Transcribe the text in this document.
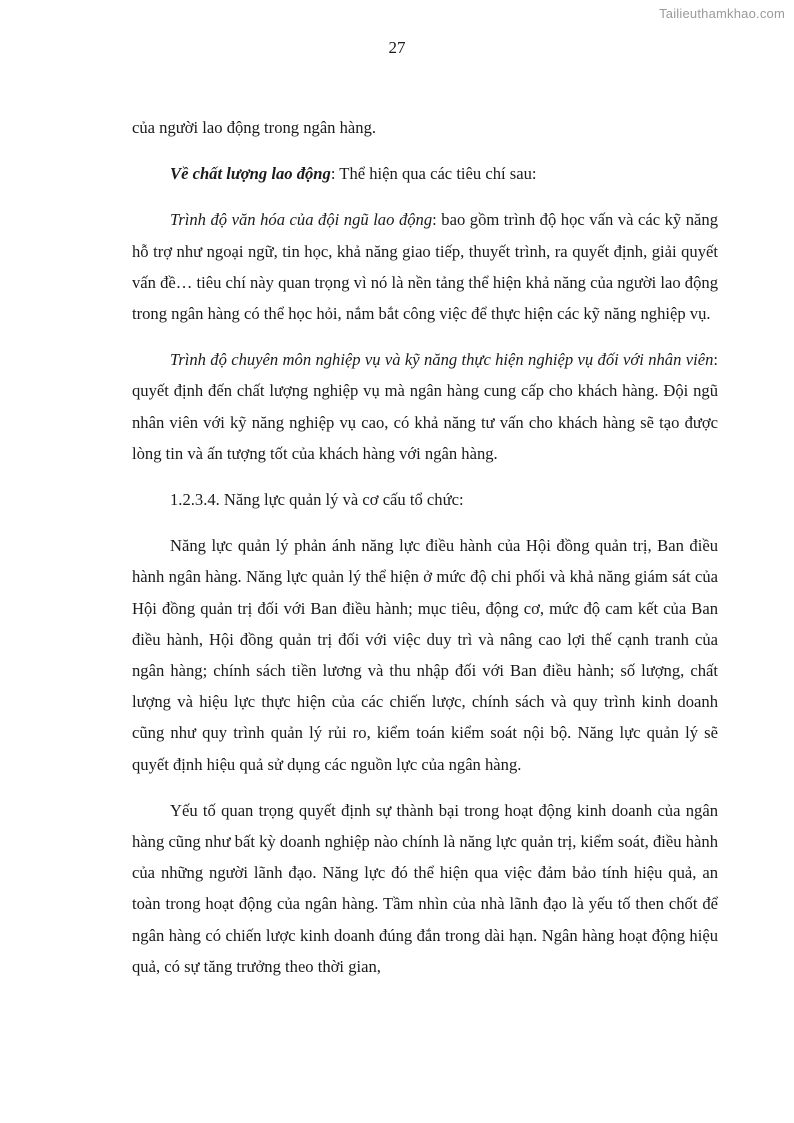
Tailieuthamkhao.com
27

của người lao động trong ngân hàng.

Về chất lượng lao động: Thể hiện qua các tiêu chí sau:

Trình độ văn hóa của đội ngũ lao động: bao gồm trình độ học vấn và các kỹ năng hỗ trợ như ngoại ngữ, tin học, khả năng giao tiếp, thuyết trình, ra quyết định, giải quyết vấn đề… tiêu chí này quan trọng vì nó là nền tảng thể hiện khả năng của người lao động trong ngân hàng có thể học hỏi, nắm bắt công việc để thực hiện các kỹ năng nghiệp vụ.

Trình độ chuyên môn nghiệp vụ và kỹ năng thực hiện nghiệp vụ đối với nhân viên: quyết định đến chất lượng nghiệp vụ mà ngân hàng cung cấp cho khách hàng. Đội ngũ nhân viên với kỹ năng nghiệp vụ cao, có khả năng tư vấn cho khách hàng sẽ tạo được lòng tin và ấn tượng tốt của khách hàng với ngân hàng.

1.2.3.4. Năng lực quản lý và cơ cấu tổ chức:

Năng lực quản lý phản ánh năng lực điều hành của Hội đồng quản trị, Ban điều hành ngân hàng. Năng lực quản lý thể hiện ở mức độ chi phối và khả năng giám sát của Hội đồng quản trị đối với Ban điều hành; mục tiêu, động cơ, mức độ cam kết của Ban điều hành, Hội đồng quản trị đối với việc duy trì và nâng cao lợi thế cạnh tranh của ngân hàng; chính sách tiền lương và thu nhập đối với Ban điều hành; số lượng, chất lượng và hiệu lực thực hiện của các chiến lược, chính sách và quy trình kinh doanh cũng như quy trình quản lý rủi ro, kiểm toán kiểm soát nội bộ. Năng lực quản lý sẽ quyết định hiệu quả sử dụng các nguồn lực của ngân hàng.

Yếu tố quan trọng quyết định sự thành bại trong hoạt động kinh doanh của ngân hàng cũng như bất kỳ doanh nghiệp nào chính là năng lực quản trị, kiểm soát, điều hành của những người lãnh đạo. Năng lực đó thể hiện qua việc đảm bảo tính hiệu quả, an toàn trong hoạt động của ngân hàng. Tầm nhìn của nhà lãnh đạo là yếu tố then chốt để ngân hàng có chiến lược kinh doanh đúng đắn trong dài hạn. Ngân hàng hoạt động hiệu quả, có sự tăng trưởng theo thời gian,
